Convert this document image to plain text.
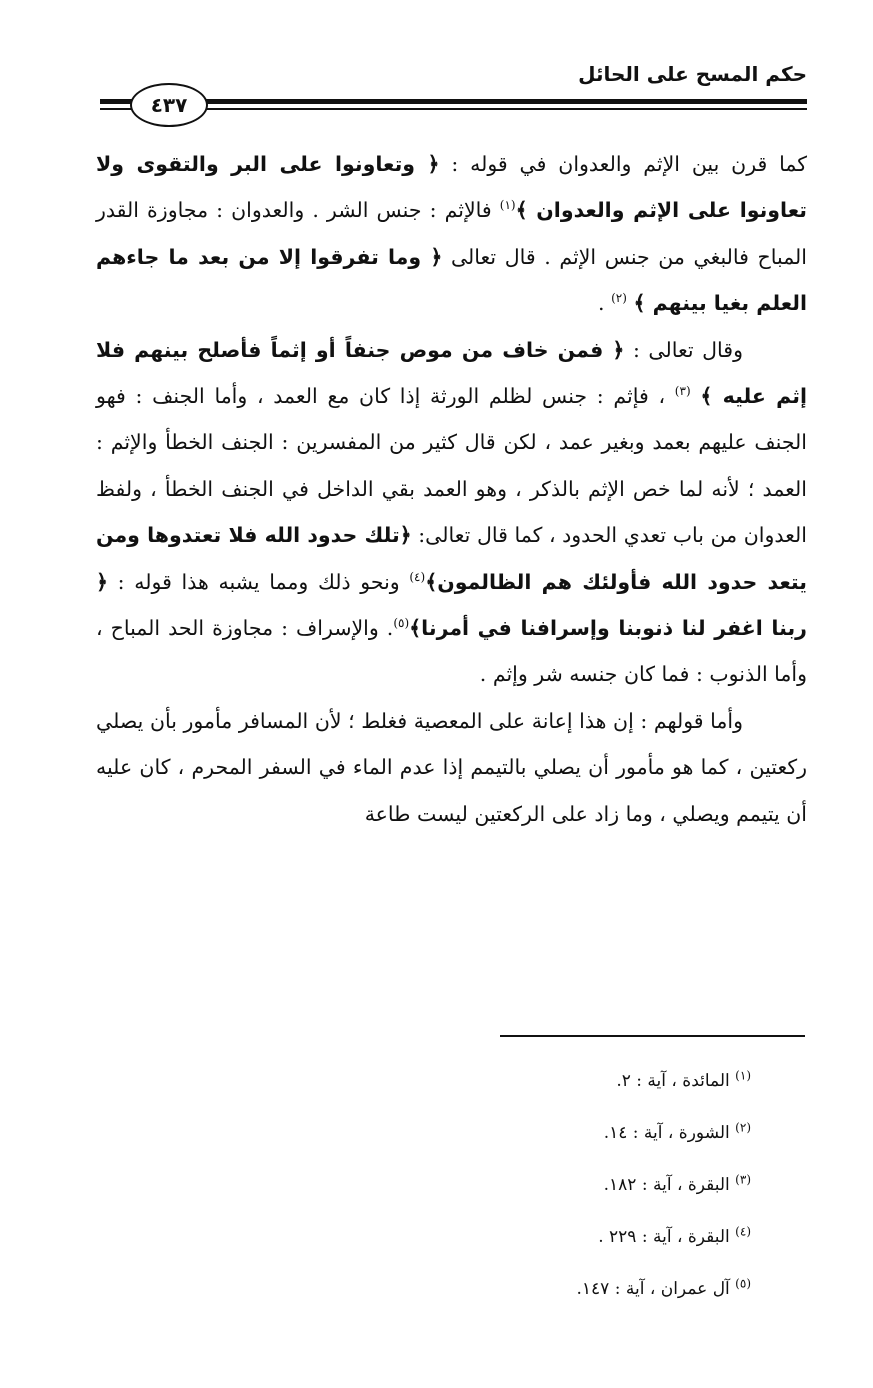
حكم المسح على الحائل
٤٣٧

كما قرن بين الإثم والعدوان في قوله : ﴿ وتعاونوا على البر والتقوى ولا تعاونوا على الإثم والعدوان ﴾$^{(١)}$ فالإثم : جنس الشر . والعدوان : مجاوزة القدر المباح فالبغي من جنس الإثم . قال تعالى ﴿ وما تفرقوا إلا من بعد ما جاءهم العلم بغيا بينهم ﴾ $^{(٢)}$ .

وقال تعالى : ﴿ فمن خاف من موص جنفاً أو إثماً فأصلح بينهم فلا إثم عليه ﴾ $^{(٣)}$ ، فإثم : جنس لظلم الورثة إذا كان مع العمد ، وأما الجنف : فهو الجنف عليهم بعمد وبغير عمد ، لكن قال كثير من المفسرين : الجنف الخطأ والإثم : العمد ؛ لأنه لما خص الإثم بالذكر ، وهو العمد بقي الداخل في الجنف الخطأ ، ولفظ العدوان من باب تعدي الحدود ، كما قال تعالى: ﴿تلك حدود الله فلا تعتدوها ومن يتعد حدود الله فأولئك هم الظالمون﴾$^{(٤)}$ ونحو ذلك ومما يشبه هذا قوله : ﴿ ربنا اغفر لنا ذنوبنا وإسرافنا في أمرنا﴾$^{(٥)}$. والإسراف : مجاوزة الحد المباح ، وأما الذنوب : فما كان جنسه شر وإثم .

وأما قولهم : إن هذا إعانة على المعصية فغلط ؛ لأن المسافر مأمور بأن يصلي ركعتين ، كما هو مأمور أن يصلي بالتيمم إذا عدم الماء في السفر المحرم ، كان عليه أن يتيمم ويصلي ، وما زاد على الركعتين ليست طاعة

$^{(١)}$ المائدة ، آية : ٢.
$^{(٢)}$ الشورة ، آية : ١٤.
$^{(٣)}$ البقرة ، آية : ١٨٢.
$^{(٤)}$ البقرة ، آية : ٢٢٩ .
$^{(٥)}$ آل عمران ، آية : ١٤٧.
